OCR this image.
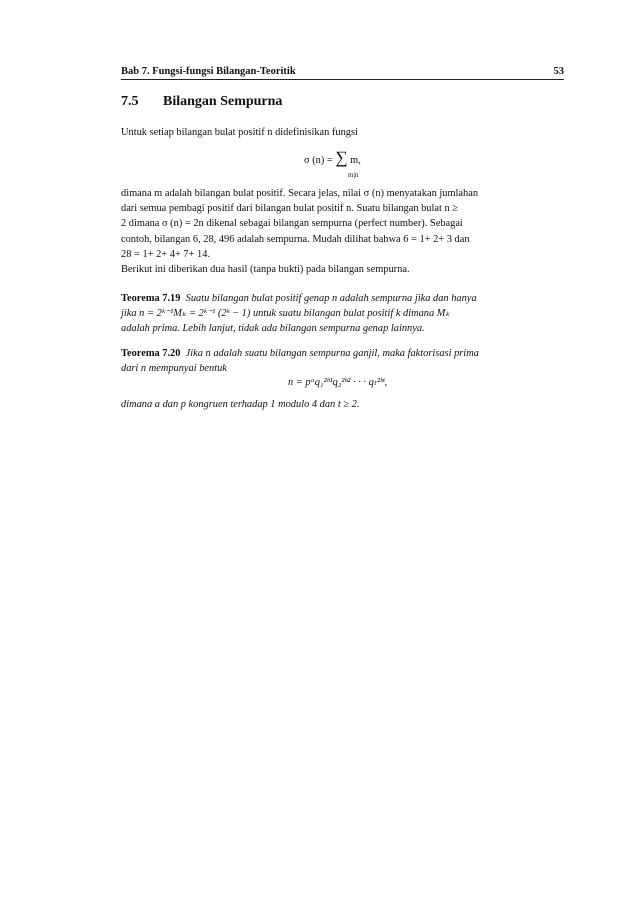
Bab 7. Fungsi-fungsi Bilangan-Teoritik	53
7.5 Bilangan Sempurna
Untuk setiap bilangan bulat positif n didefinisikan fungsi
σ (n) = ∑ m,
m|n
dimana m adalah bilangan bulat positif. Secara jelas, nilai σ (n) menyatakan jumlahan
dari semua pembagi positif dari bilangan bulat positif n. Suatu bilangan bulat n ≥
2 dimana σ (n) = 2n dikenal sebagai bilangan sempurna (perfect number). Sebagai
contoh, bilangan 6, 28, 496 adalah sempurna. Mudah dilihat bahwa 6 = 1+ 2+ 3 dan
28 = 1+ 2+ 4+ 7+ 14.
Berikut ini diberikan dua hasil (tanpa bukti) pada bilangan sempurna.
Teorema 7.19 Suatu bilangan bulat positif genap n adalah sempurna jika dan hanya
jika n = 2ᵏ⁻¹Mₖ = 2ᵏ⁻¹ (2ᵏ − 1) untuk suatu bilangan bulat positif k dimana Mₖ
adalah prima. Lebih lanjut, tidak ada bilangan sempurna genap lainnya.
Teorema 7.20 Jika n adalah suatu bilangan sempurna ganjil, maka faktorisasi prima
dari n mempunyai bentuk
n = pᵃq₁²ᵇ¹q₂²ᵇ² · · · qₜ²ᵇᵗ,
dimana a dan p kongruen terhadap 1 modulo 4 dan t ≥ 2.
